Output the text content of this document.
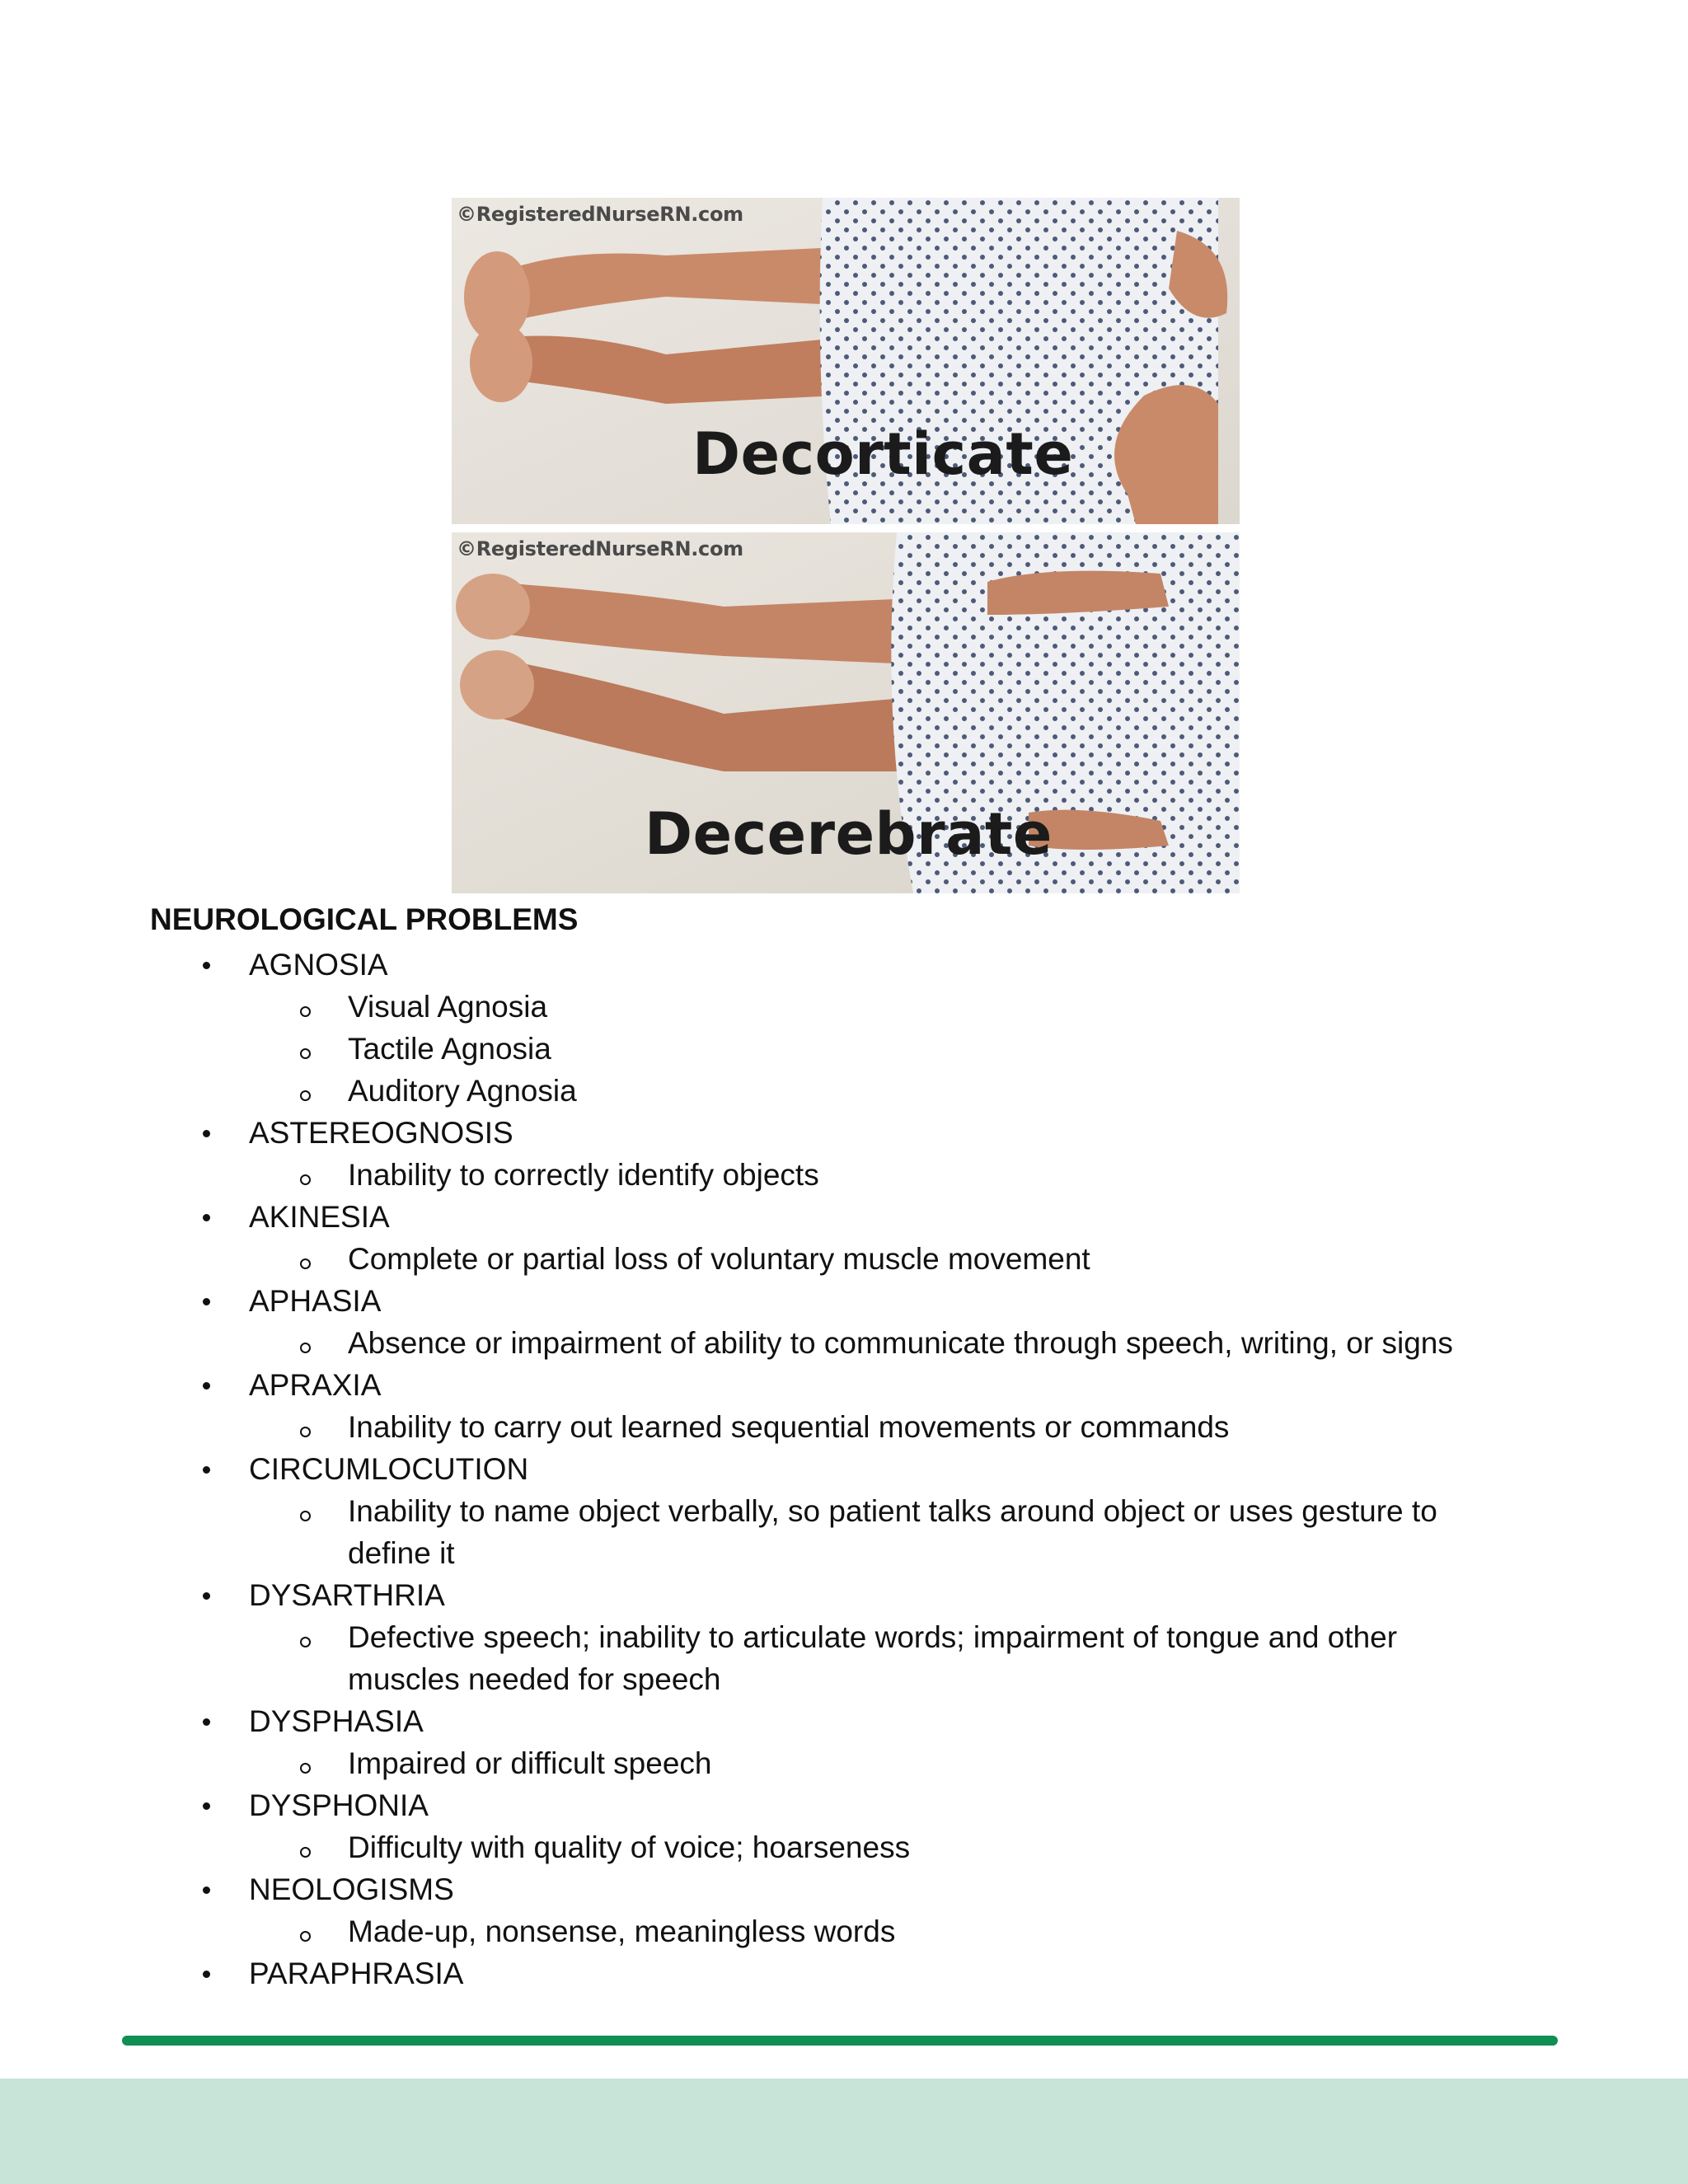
©RegisteredNurseRN.com
Decorticate
©RegisteredNurseRN.com
Decerebrate
NEUROLOGICAL PROBLEMS
AGNOSIA
Visual Agnosia
Tactile Agnosia
Auditory Agnosia
ASTEREOGNOSIS
Inability to correctly identify objects
AKINESIA
Complete or partial loss of voluntary muscle movement
APHASIA
Absence or impairment of ability to communicate through speech, writing, or signs
APRAXIA
Inability to carry out learned sequential movements or commands
CIRCUMLOCUTION
Inability to name object verbally, so patient talks around object or uses gesture to define it
DYSARTHRIA
Defective speech; inability to articulate words; impairment of tongue and other muscles needed for speech
DYSPHASIA
Impaired or difficult speech
DYSPHONIA
Difficulty with quality of voice; hoarseness
NEOLOGISMS
Made-up, nonsense, meaningless words
PARAPHRASIA
